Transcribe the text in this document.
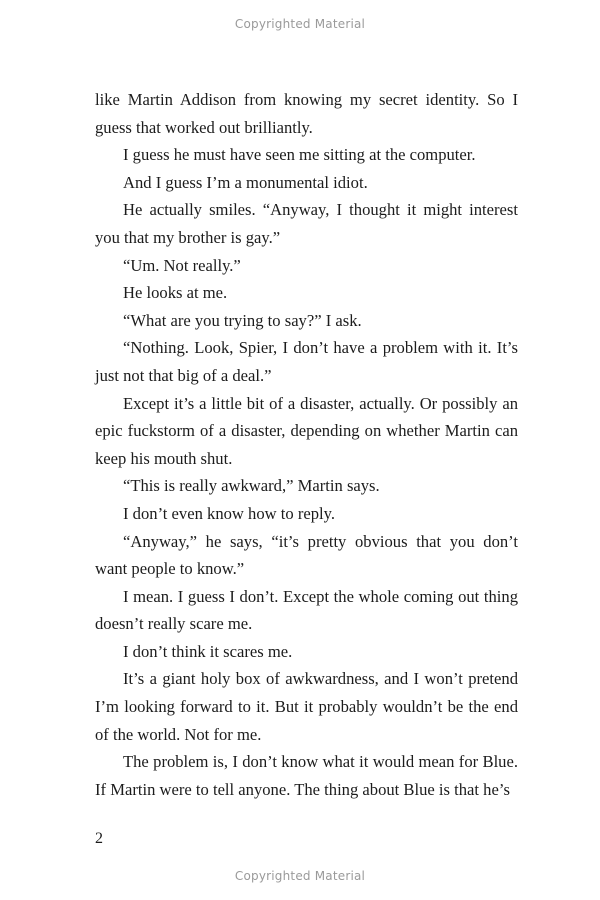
Copyrighted Material

like Martin Addison from knowing my secret identity. So I guess that worked out brilliantly.

I guess he must have seen me sitting at the computer.

And I guess I’m a monumental idiot.

He actually smiles. “Anyway, I thought it might interest you that my brother is gay.”

“Um. Not really.”

He looks at me.

“What are you trying to say?” I ask.

“Nothing. Look, Spier, I don’t have a problem with it. It’s just not that big of a deal.”

Except it’s a little bit of a disaster, actually. Or possibly an epic fuckstorm of a disaster, depending on whether Martin can keep his mouth shut.

“This is really awkward,” Martin says.

I don’t even know how to reply.

“Anyway,” he says, “it’s pretty obvious that you don’t want people to know.”

I mean. I guess I don’t. Except the whole coming out thing doesn’t really scare me.

I don’t think it scares me.

It’s a giant holy box of awkwardness, and I won’t pretend I’m looking forward to it. But it probably wouldn’t be the end of the world. Not for me.

The problem is, I don’t know what it would mean for Blue. If Martin were to tell anyone. The thing about Blue is that he’s

2
Copyrighted Material
